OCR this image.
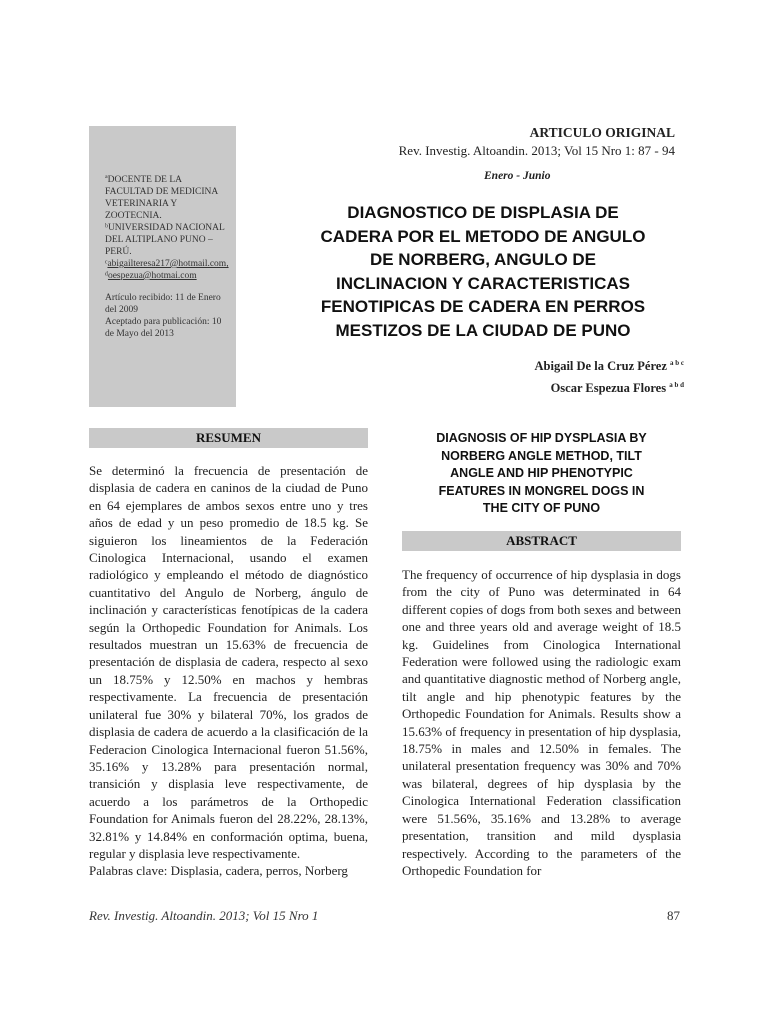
ªDOCENTE DE LA FACULTAD DE MEDICINA VETERINARIA Y ZOOTECNIA.

ᵇUNIVERSIDAD NACIONAL DEL ALTIPLANO PUNO – PERÚ.

ᶜabigailteresa217@hotmail.com,

ᵈoespezua@hotmai.com

Artículo recibido: 11 de Enero del 2009

Aceptado para publicación: 10 de Mayo del 2013

ARTICULO ORIGINAL
Rev. Investig. Altoandin. 2013; Vol 15 Nro 1: 87 - 94
Enero - Junio
DIAGNOSTICO DE DISPLASIA DE
CADERA POR EL METODO DE ANGULO
DE NORBERG, ANGULO DE
INCLINACION Y CARACTERISTICAS
FENOTIPICAS DE CADERA EN PERROS
MESTIZOS DE LA CIUDAD DE PUNO
Abigail De la Cruz Pérez $^{a b c}$
Oscar Espezua Flores $^{a b d}$
RESUMEN

Se determinó la frecuencia de presentación de displasia de cadera en caninos de la ciudad de Puno en 64 ejemplares de ambos sexos entre uno y tres años de edad y un peso promedio de 18.5 kg. Se siguieron los lineamientos de la Federación Cinologica Internacional, usando el examen radiológico y empleando el método de diagnóstico cuantitativo del Angulo de Norberg, ángulo de inclinación y características fenotípicas de la cadera según la Orthopedic Foundation for Animals. Los resultados muestran un 15.63% de frecuencia de presentación de displasia de cadera, respecto al sexo un 18.75% y 12.50% en machos y hembras respectivamente. La frecuencia de presentación unilateral fue 30% y bilateral 70%, los grados de displasia de cadera de acuerdo a la clasificación de la Federacion Cinologica Internacional fueron 51.56%, 35.16% y 13.28% para presentación normal, transición y displasia leve respectivamente, de acuerdo a los parámetros de la Orthopedic Foundation for Animals fueron del 28.22%, 28.13%, 32.81% y 14.84% en conformación optima, buena, regular y displasia leve respectivamente.

Palabras clave: Displasia, cadera, perros, Norberg

DIAGNOSIS OF HIP DYSPLASIA BY
NORBERG ANGLE METHOD, TILT
ANGLE AND HIP PHENOTYPIC
FEATURES IN MONGREL DOGS IN
THE CITY OF PUNO
ABSTRACT

The frequency of occurrence of hip dysplasia in dogs from the city of Puno was determinated in 64 different copies of dogs from both sexes and between one and three years old and average weight of 18.5 kg. Guidelines from Cinologica International Federation were followed using the radiologic exam and quantitative diagnostic method of Norberg angle, tilt angle and hip phenotypic features by the Orthopedic Foundation for Animals. Results show a 15.63% of frequency in presentation of hip dysplasia, 18.75% in males and 12.50% in females. The unilateral presentation frequency was 30% and 70% was bilateral, degrees of hip dysplasia by the Cinologica International Federation classification were 51.56%, 35.16% and 13.28% to average presentation, transition and mild dysplasia respectively. According to the parameters of the Orthopedic Foundation for

Rev. Investig. Altoandin. 2013; Vol 15 Nro 1	87
